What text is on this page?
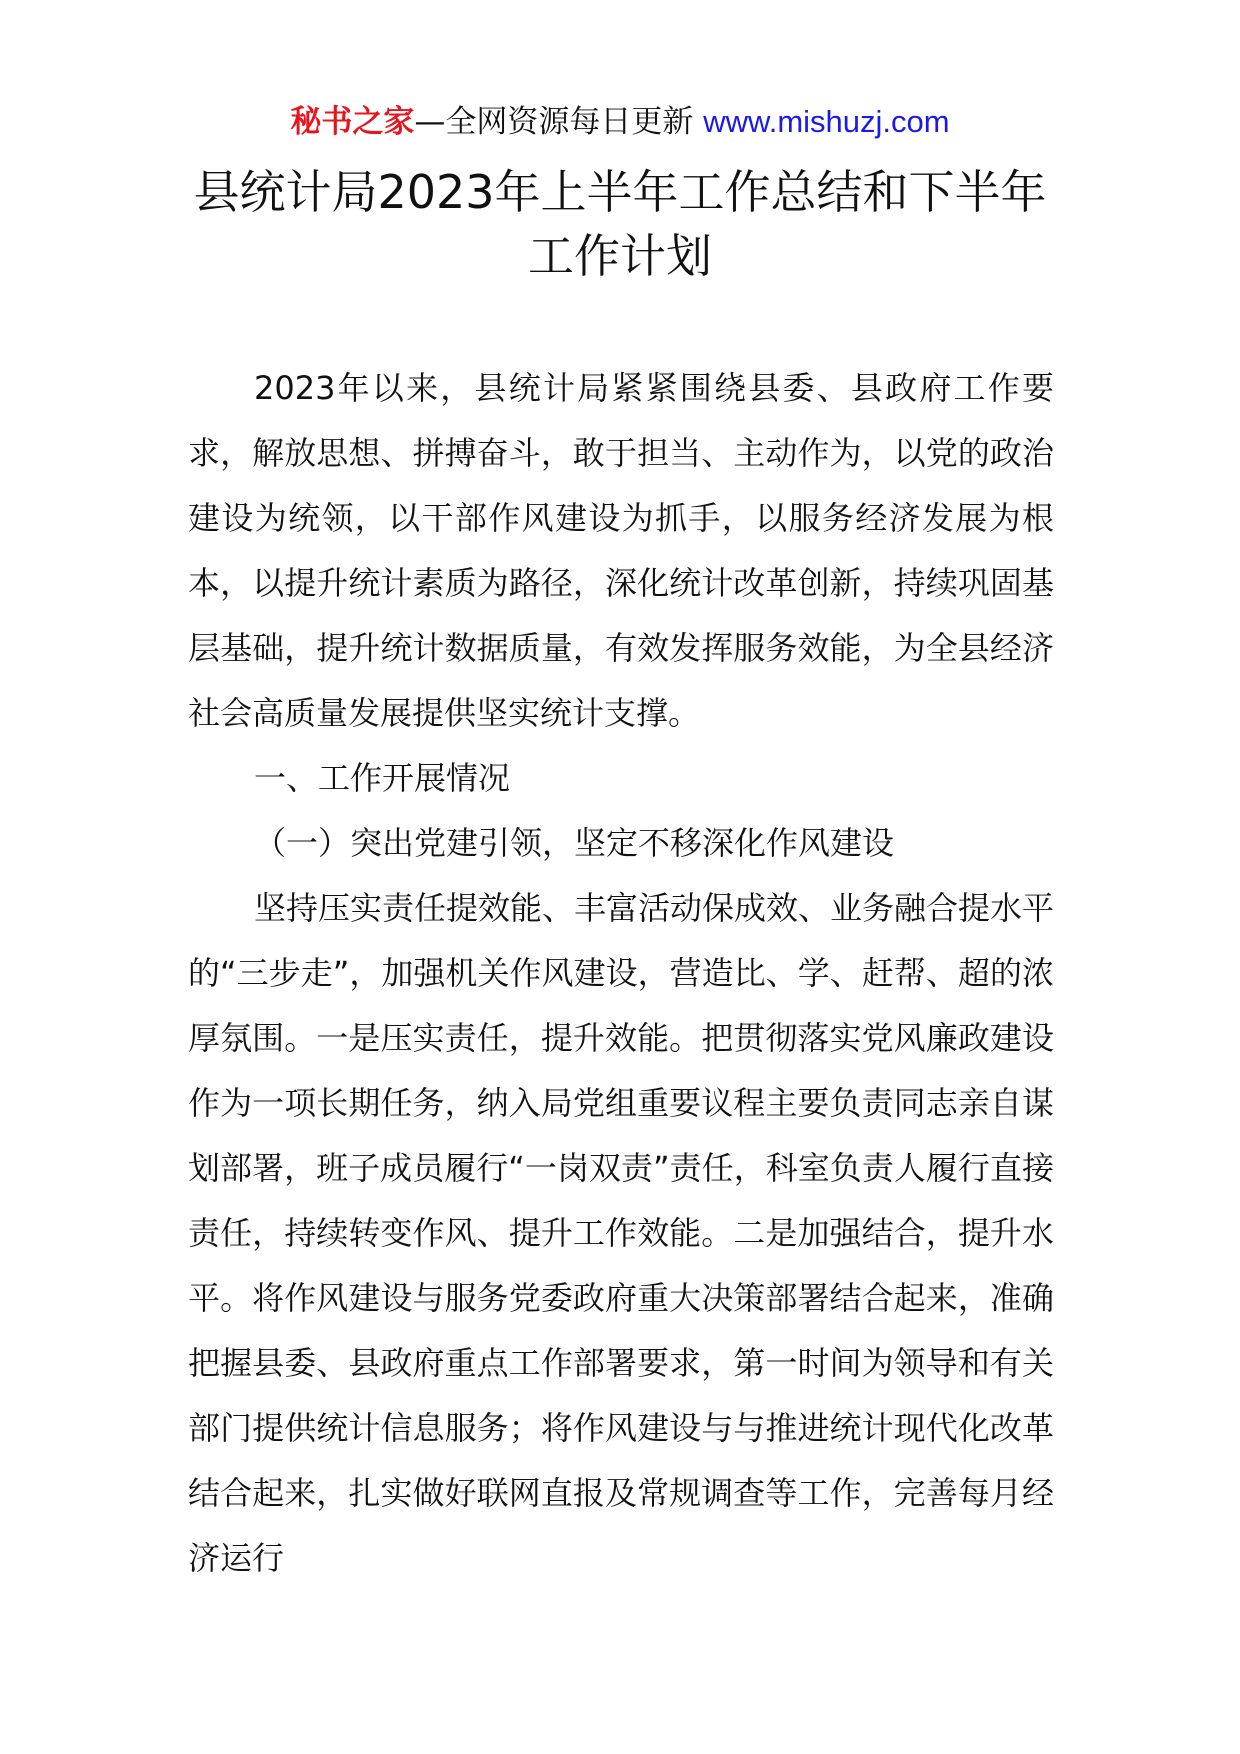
秘书之家—全网资源每日更新 www.mishuzj.com
县统计局2023年上半年工作总结和下半年
工作计划

2023年以来，县统计局紧紧围绕县委、县政府工作要求，解放思想、拼搏奋斗，敢于担当、主动作为，以党的政治建设为统领，以干部作风建设为抓手，以服务经济发展为根本，以提升统计素质为路径，深化统计改革创新，持续巩固基层基础，提升统计数据质量，有效发挥服务效能，为全县经济社会高质量发展提供坚实统计支撑。

一、工作开展情况

（一）突出党建引领，坚定不移深化作风建设

坚持压实责任提效能、丰富活动保成效、业务融合提水平的“三步走”，加强机关作风建设，营造比、学、赶帮、超的浓厚氛围。一是压实责任，提升效能。把贯彻落实党风廉政建设作为一项长期任务，纳入局党组重要议程主要负责同志亲自谋划部署，班子成员履行“一岗双责”责任，科室负责人履行直接责任，持续转变作风、提升工作效能。二是加强结合，提升水平。将作风建设与服务党委政府重大决策部署结合起来，准确把握县委、县政府重点工作部署要求，第一时间为领导和有关部门提供统计信息服务；将作风建设与与推进统计现代化改革结合起来，扎实做好联网直报及常规调查等工作，完善每月经济运行
